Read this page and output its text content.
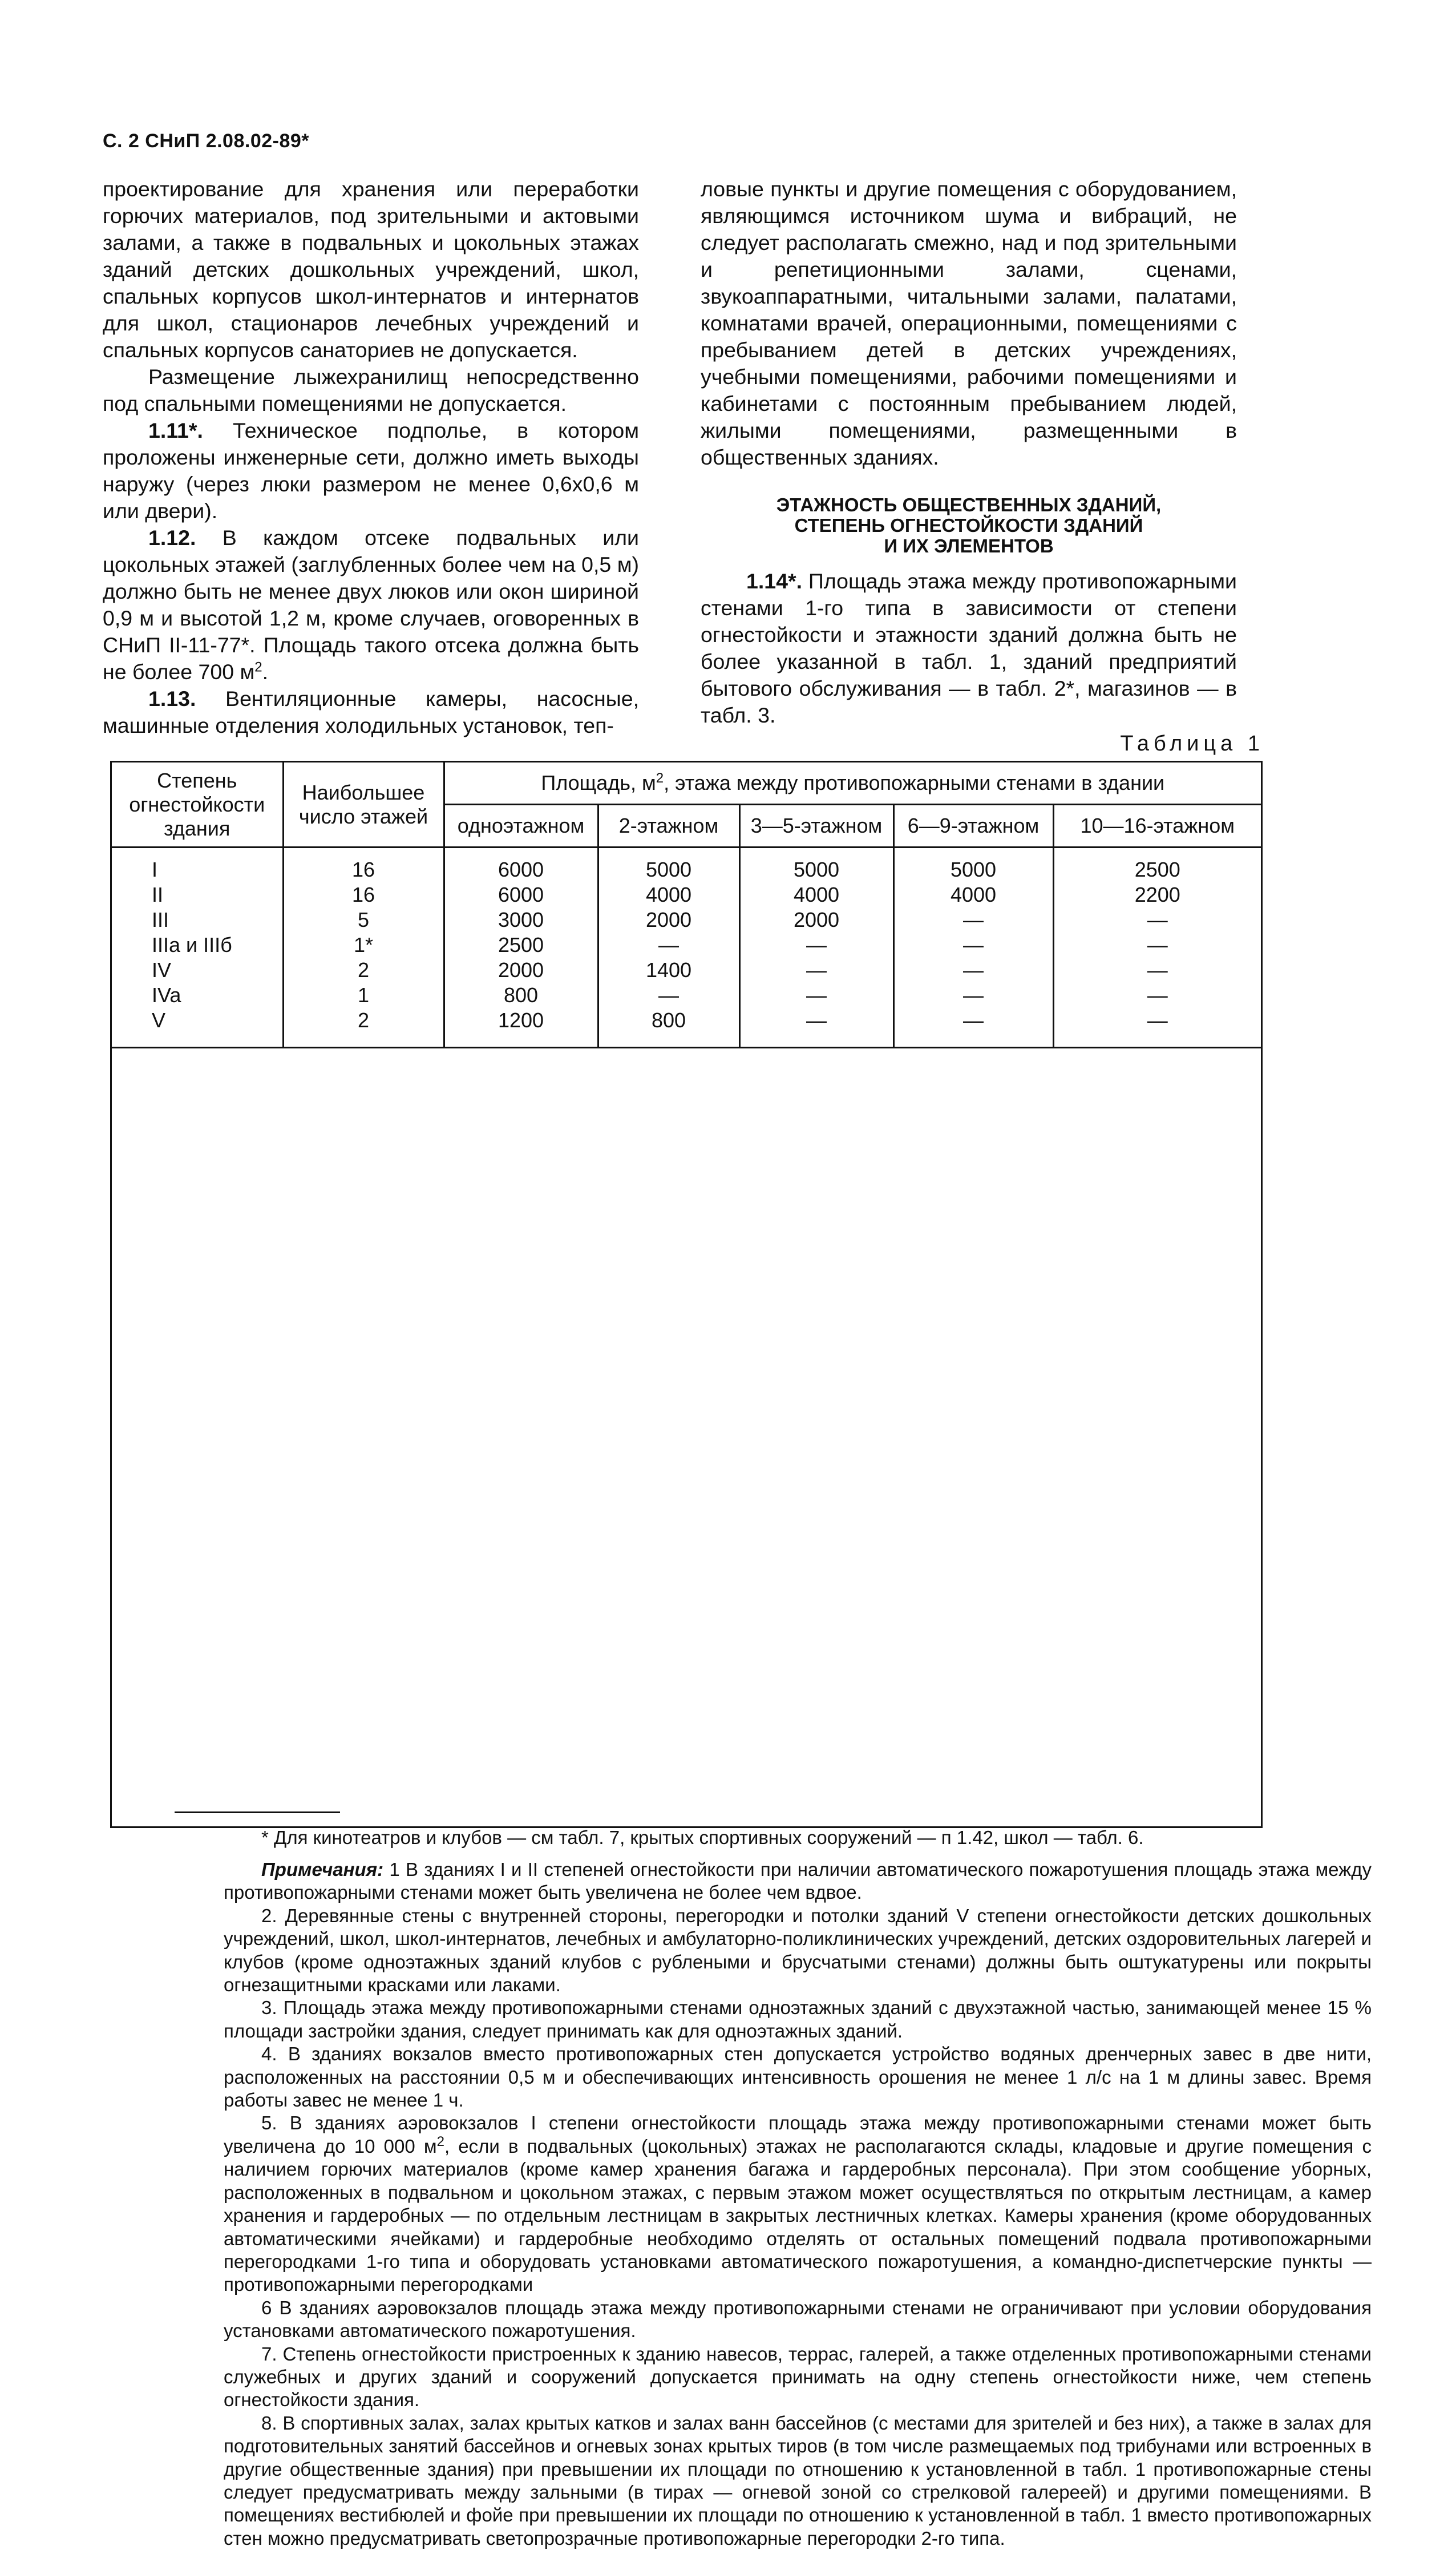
С. 2 СНиП 2.08.02-89*

проектирование для хранения или переработки горючих материалов, под зрительными и актовыми залами, а также в подвальных и цокольных этажах зданий детских дошкольных учреждений, школ, спальных корпусов школ-интернатов и интернатов для школ, стационаров лечебных учреждений и спальных корпусов санаториев не допускается.

Размещение лыжехранилищ непосредственно под спальными помещениями не допускается.

1.11*. Техническое подполье, в котором проложены инженерные сети, должно иметь выходы наружу (через люки размером не менее 0,6х0,6 м или двери).

1.12. В каждом отсеке подвальных или цокольных этажей (заглубленных более чем на 0,5 м) должно быть не менее двух люков или окон шириной 0,9 м и высотой 1,2 м, кроме случаев, оговоренных в СНиП II-11-77*. Площадь такого отсека должна быть не более 700 $м^2$.

1.13. Вентиляционные камеры, насосные, машинные отделения холодильных установок, теп-

ловые пункты и другие помещения с оборудованием, являющимся источником шума и вибраций, не следует располагать смежно, над и под зрительными и репетиционными залами, сценами, звукоаппаратными, читальными залами, палатами, комнатами врачей, операционными, помещениями с пребыванием детей в детских учреждениях, учебными помещениями, рабочими помещениями и кабинетами с постоянным пребыванием людей, жилыми помещениями, размещенными в общественных зданиях.

ЭТАЖНОСТЬ ОБЩЕСТВЕННЫХ ЗДАНИЙ,
СТЕПЕНЬ ОГНЕСТОЙКОСТИ ЗДАНИЙ
И ИХ ЭЛЕМЕНТОВ

1.14*. Площадь этажа между противопожарными стенами 1-го типа в зависимости от степени огнестойкости и этажности зданий должна быть не более указанной в табл. 1, зданий предприятий бытового обслуживания — в табл. 2*, магазинов — в табл. 3.

Таблица 1
Степень огнестойкости здания	Наибольшее число этажей	Площадь, $м^2$, этажа между противопожарными стенами в здании				
		одноэтажном	2-этажном	3—5-этажном	6—9-этажном	10—16-этажном
I	16	6000	5000	5000	5000	2500
II	16	6000	4000	4000	4000	2200
III	5	3000	2000	2000	—	—
IIIa и IIIб	1*	2500	—	—	—	—
IV	2	2000	1400	—	—	—
IVa	1	800	—	—	—	—
V	2	1200	800	—	—	—

* Для кинотеатров и клубов — см табл. 7, крытых спортивных сооружений — п 1.42, школ — табл. 6.

Примечания: 1 В зданиях I и II степеней огнестойкости при наличии автоматического пожаротушения площадь этажа между противопожарными стенами может быть увеличена не более чем вдвое.

2. Деревянные стены с внутренней стороны, перегородки и потолки зданий V степени огнестойкости детских дошкольных учреждений, школ, школ-интернатов, лечебных и амбулаторно-поликлинических учреждений, детских оздоровительных лагерей и клубов (кроме одноэтажных зданий клубов с рублеными и брусчатыми стенами) должны быть оштукатурены или покрыты огнезащитными красками или лаками.

3. Площадь этажа между противопожарными стенами одноэтажных зданий с двухэтажной частью, занимающей менее 15 % площади застройки здания, следует принимать как для одноэтажных зданий.

4. В зданиях вокзалов вместо противопожарных стен допускается устройство водяных дренчерных завес в две нити, расположенных на расстоянии 0,5 м и обеспечивающих интенсивность орошения не менее 1 л/с на 1 м длины завес. Время работы завес не менее 1 ч.

5. В зданиях аэровокзалов I степени огнестойкости площадь этажа между противопожарными стенами может быть увеличена до 10 000 $м^2$, если в подвальных (цокольных) этажах не располагаются склады, кладовые и другие помещения с наличием горючих материалов (кроме камер хранения багажа и гардеробных персонала). При этом сообщение уборных, расположенных в подвальном и цокольном этажах, с первым этажом может осуществляться по открытым лестницам, а камер хранения и гардеробных — по отдельным лестницам в закрытых лестничных клетках. Камеры хранения (кроме оборудованных автоматическими ячейками) и гардеробные необходимо отделять от остальных помещений подвала противопожарными перегородками 1-го типа и оборудовать установками автоматического пожаротушения, а командно-диспетчерские пункты — противопожарными перегородками

6 В зданиях аэровокзалов площадь этажа между противопожарными стенами не ограничивают при условии оборудования установками автоматического пожаротушения.

7. Степень огнестойкости пристроенных к зданию навесов, террас, галерей, а также отделенных противопожарными стенами служебных и других зданий и сооружений допускается принимать на одну степень огнестойкости ниже, чем степень огнестойкости здания.

8. В спортивных залах, залах крытых катков и залах ванн бассейнов (с местами для зрителей и без них), а также в залах для подготовительных занятий бассейнов и огневых зонах крытых тиров (в том числе размещаемых под трибунами или встроенных в другие общественные здания) при превышении их площади по отношению к установленной в табл. 1 противопожарные стены следует предусматривать между зальными (в тирах — огневой зоной со стрелковой галереей) и другими помещениями. В помещениях вестибюлей и фойе при превышении их площади по отношению к установленной в табл. 1 вместо противопожарных стен можно предусматривать светопрозрачные противопожарные перегородки 2-го типа.
